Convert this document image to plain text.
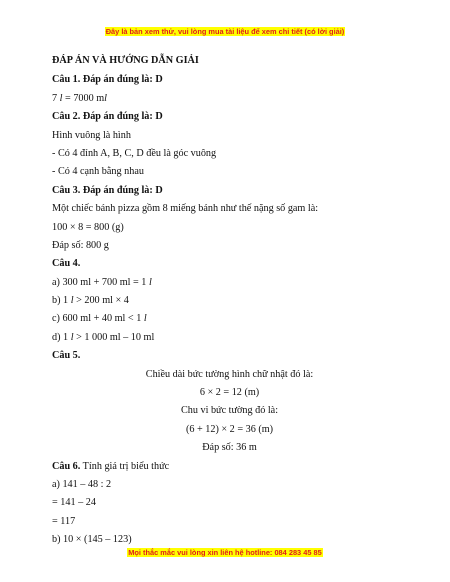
Đây là bản xem thử, vui lòng mua tài liệu để xem chi tiết (có lời giải)
ĐÁP ÁN VÀ HƯỚNG DẪN GIẢI
Câu 1. Đáp án đúng là: D
7 l = 7000 ml
Câu 2. Đáp án đúng là: D
Hình vuông là hình
- Có 4 đỉnh A, B, C, D đều là góc vuông
- Có 4 cạnh bằng nhau
Câu 3. Đáp án đúng là: D
Một chiếc bánh pizza gồm 8 miếng bánh như thế nặng số gam là:
100 × 8 = 800 (g)
Đáp số: 800 g
Câu 4.
a) 300 ml + 700 ml = 1 l
b) 1 l > 200 ml × 4
c) 600 ml + 40 ml < 1 l
d) 1 l > 1 000 ml – 10 ml
Câu 5.
Chiều dài bức tường hình chữ nhật đó là:
6 × 2 = 12 (m)
Chu vi bức tường đó là:
(6 + 12) × 2 = 36 (m)
Đáp số: 36 m
Câu 6. Tính giá trị biểu thức
a) 141 – 48 : 2
= 141 – 24
= 117
b) 10 × (145 – 123)
Mọi thắc mắc vui lòng xin liên hệ hotline: 084 283 45 85
